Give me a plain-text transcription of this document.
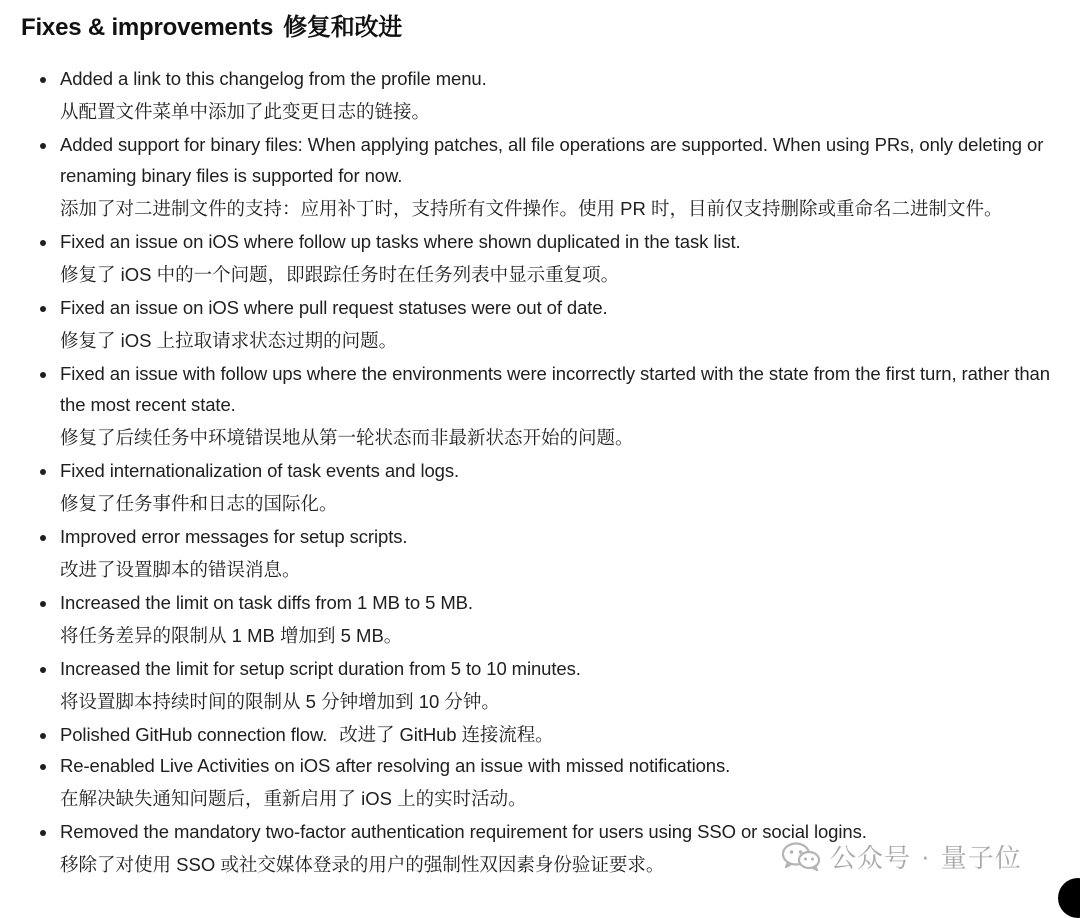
Fixes & improvements 修复和改进
Added a link to this changelog from the profile menu.
从配置文件菜单中添加了此变更日志的链接。
Added support for binary files: When applying patches, all file operations are supported. When using PRs, only deleting or renaming binary files is supported for now.
添加了对二进制文件的支持：应用补丁时，支持所有文件操作。使用 PR 时，目前仅支持删除或重命名二进制文件。
Fixed an issue on iOS where follow up tasks where shown duplicated in the task list.
修复了 iOS 中的一个问题，即跟踪任务时在任务列表中显示重复项。
Fixed an issue on iOS where pull request statuses were out of date.
修复了 iOS 上拉取请求状态过期的问题。
Fixed an issue with follow ups where the environments were incorrectly started with the state from the first turn, rather than the most recent state.
修复了后续任务中环境错误地从第一轮状态而非最新状态开始的问题。
Fixed internationalization of task events and logs.
修复了任务事件和日志的国际化。
Improved error messages for setup scripts.
改进了设置脚本的错误消息。
Increased the limit on task diffs from 1 MB to 5 MB.
将任务差异的限制从 1 MB 增加到 5 MB。
Increased the limit for setup script duration from 5 to 10 minutes.
将设置脚本持续时间的限制从 5 分钟增加到 10 分钟。
Polished GitHub connection flow. 改进了 GitHub 连接流程。
Re-enabled Live Activities on iOS after resolving an issue with missed notifications.
在解决缺失通知问题后，重新启用了 iOS 上的实时活动。
Removed the mandatory two-factor authentication requirement for users using SSO or social logins.
移除了对使用 SSO 或社交媒体登录的用户的强制性双因素身份验证要求。	公众号 · 量子位
